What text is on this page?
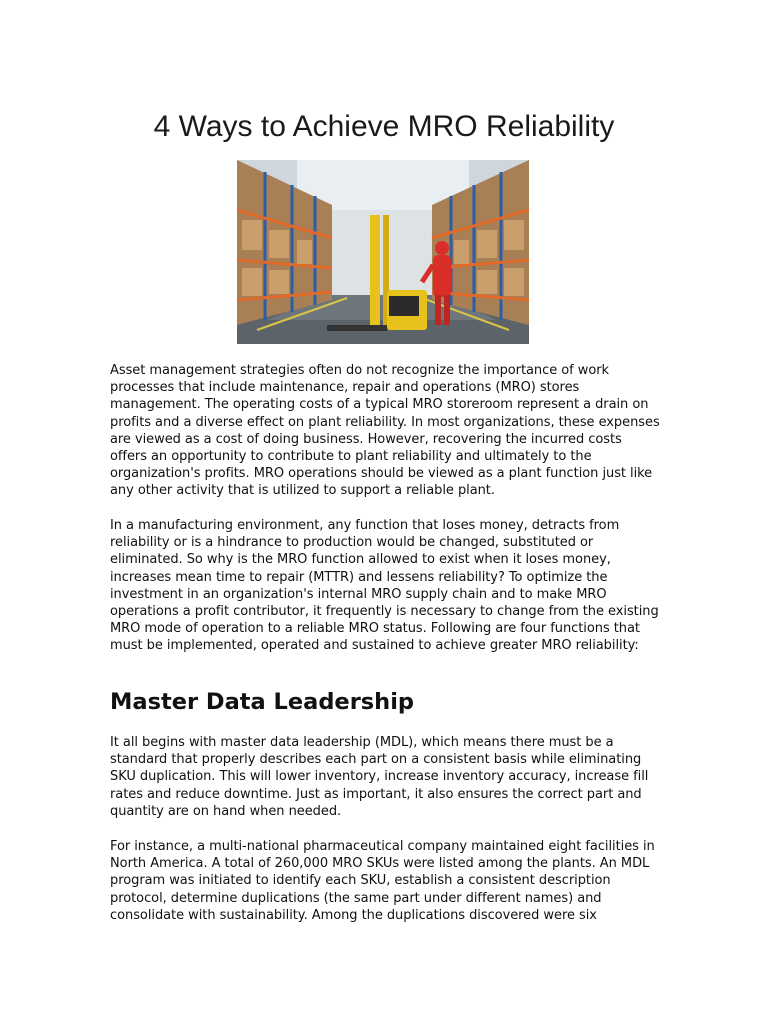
4 Ways to Achieve MRO Reliability

Asset management strategies often do not recognize the importance of work processes that include maintenance, repair and operations (MRO) stores management. The operating costs of a typical MRO storeroom represent a drain on profits and a diverse effect on plant reliability. In most organizations, these expenses are viewed as a cost of doing business. However, recovering the incurred costs offers an opportunity to contribute to plant reliability and ultimately to the organization's profits. MRO operations should be viewed as a plant function just like any other activity that is utilized to support a reliable plant.

In a manufacturing environment, any function that loses money, detracts from reliability or is a hindrance to production would be changed, substituted or eliminated. So why is the MRO function allowed to exist when it loses money, increases mean time to repair (MTTR) and lessens reliability? To optimize the investment in an organization's internal MRO supply chain and to make MRO operations a profit contributor, it frequently is necessary to change from the existing MRO mode of operation to a reliable MRO status. Following are four functions that must be implemented, operated and sustained to achieve greater MRO reliability:

Master Data Leadership

It all begins with master data leadership (MDL), which means there must be a standard that properly describes each part on a consistent basis while eliminating SKU duplication. This will lower inventory, increase inventory accuracy, increase fill rates and reduce downtime. Just as important, it also ensures the correct part and quantity are on hand when needed.

For instance, a multi-national pharmaceutical company maintained eight facilities in North America. A total of 260,000 MRO SKUs were listed among the plants. An MDL program was initiated to identify each SKU, establish a consistent description protocol, determine duplications (the same part under different names) and consolidate with sustainability. Among the duplications discovered were six
